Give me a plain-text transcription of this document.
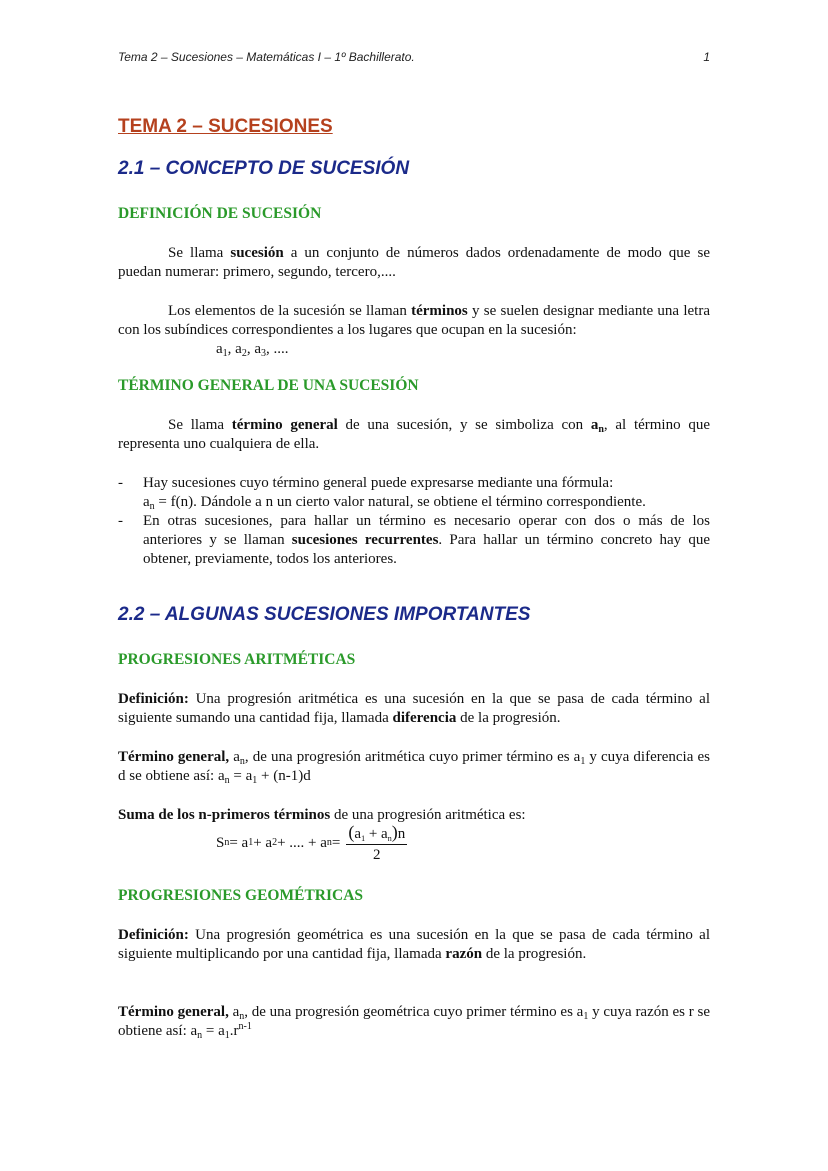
Tema 2 – Sucesiones – Matemáticas I – 1º Bachillerato.	1
TEMA 2 – SUCESIONES
2.1 – CONCEPTO DE SUCESIÓN
DEFINICIÓN DE SUCESIÓN

Se llama sucesión a un conjunto de números dados ordenadamente de modo que se puedan numerar: primero, segundo, tercero,....

Los elementos de la sucesión se llaman términos y se suelen designar mediante una letra con los subíndices correspondientes a los lugares que ocupan en la sucesión:

$a_1$, $a_2$, $a_3$, ....
TÉRMINO GENERAL DE UNA SUCESIÓN

Se llama término general de una sucesión, y se simboliza con $a_n$, al término que representa uno cualquiera de ella.

- Hay sucesiones cuyo término general puede expresarse mediante una fórmula:
$a_n = f(n)$. Dándole a n un cierto valor natural, se obtiene el término correspondiente.
- En otras sucesiones, para hallar un término es necesario operar con dos o más de los anteriores y se llaman sucesiones recurrentes. Para hallar un término concreto hay que obtener, previamente, todos los anteriores.
2.2 – ALGUNAS SUCESIONES IMPORTANTES
PROGRESIONES ARITMÉTICAS

Definición: Una progresión aritmética es una sucesión en la que se pasa de cada término al siguiente sumando una cantidad fija, llamada diferencia de la progresión.

Término general, $a_n$, de una progresión aritmética cuyo primer término es $a_1$ y cuya diferencia es d se obtiene así: $a_n = a_1 + (n-1)d$

Suma de los n-primeros términos de una progresión aritmética es:

S n = a 1 + a 2 + .... + a $n = \frac{(a_1 + a_n)n}{2}$
PROGRESIONES GEOMÉTRICAS

Definición: Una progresión geométrica es una sucesión en la que se pasa de cada término al siguiente multiplicando por una cantidad fija, llamada razón de la progresión.

Término general, $a_n$, de una progresión geométrica cuyo primer término es $a_1$ y cuya razón es r se obtiene así: $a_n = a_1.r^{n-1}$
